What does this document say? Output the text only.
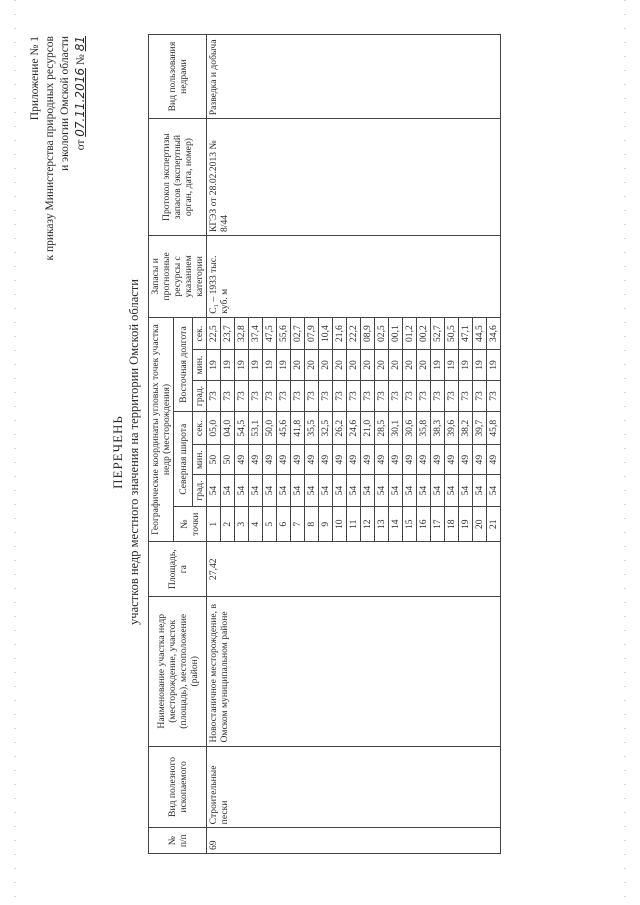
Приложение № 1 к приказу Министерства природных ресурсов и экологии Омской области от 07.11.2016 № 81
ПЕРЕЧЕНЬ участков недр местного значения на территории Омской области
№ п/п	Вид полезного ископаемого	Наименование участка недр (месторождение, участок (площадь), местоположение (район)	Площадь, га	Географические координаты угловых точек участка недр (месторождения)							Запасы и прогнозные ресурсы с указанием категории	Протокол экспертизы запасов (экспертный орган, дата, номер)	Вид пользования недрами
				№ точки	Северная широта			Восточная долгота					
					град.	мин.	сек.	град.	мин.	сек.			
69	Строительные пески	Новостаничное месторождение, в Омском муниципальном районе	27,42	1	54	50	05,0	73	19	22,5	C₁ – 1933 тыс. куб. м	КГЭЗ от 28.02.2013 № 8/44	Разведка и добыча
				2	54	50	04,0	73	19	23,7			
				3	54	49	54,5	73	19	32,8			
				4	54	49	53,1	73	19	37,4			
				5	54	49	50,0	73	19	47,5			
				6	54	49	45,6	73	19	55,6			
				7	54	49	41,8	73	20	02,7			
				8	54	49	35,5	73	20	07,9			
				9	54	49	32,5	73	20	10,4			
				10	54	49	26,2	73	20	21,6			
				11	54	49	24,6	73	20	22,2			
				12	54	49	21,0	73	20	08,9			
				13	54	49	28,5	73	20	02,5			
				14	54	49	30,1	73	20	00,1			
				15	54	49	30,6	73	20	01,2			
				16	54	49	35,8	73	20	00,2			
				17	54	49	38,3	73	19	52,7			
				18	54	49	39,6	73	19	50,5			
				19	54	49	38,2	73	19	47,1			
				20	54	49	39,7	73	19	44,5			
				21	54	49	45,8	73	19	34,6			
